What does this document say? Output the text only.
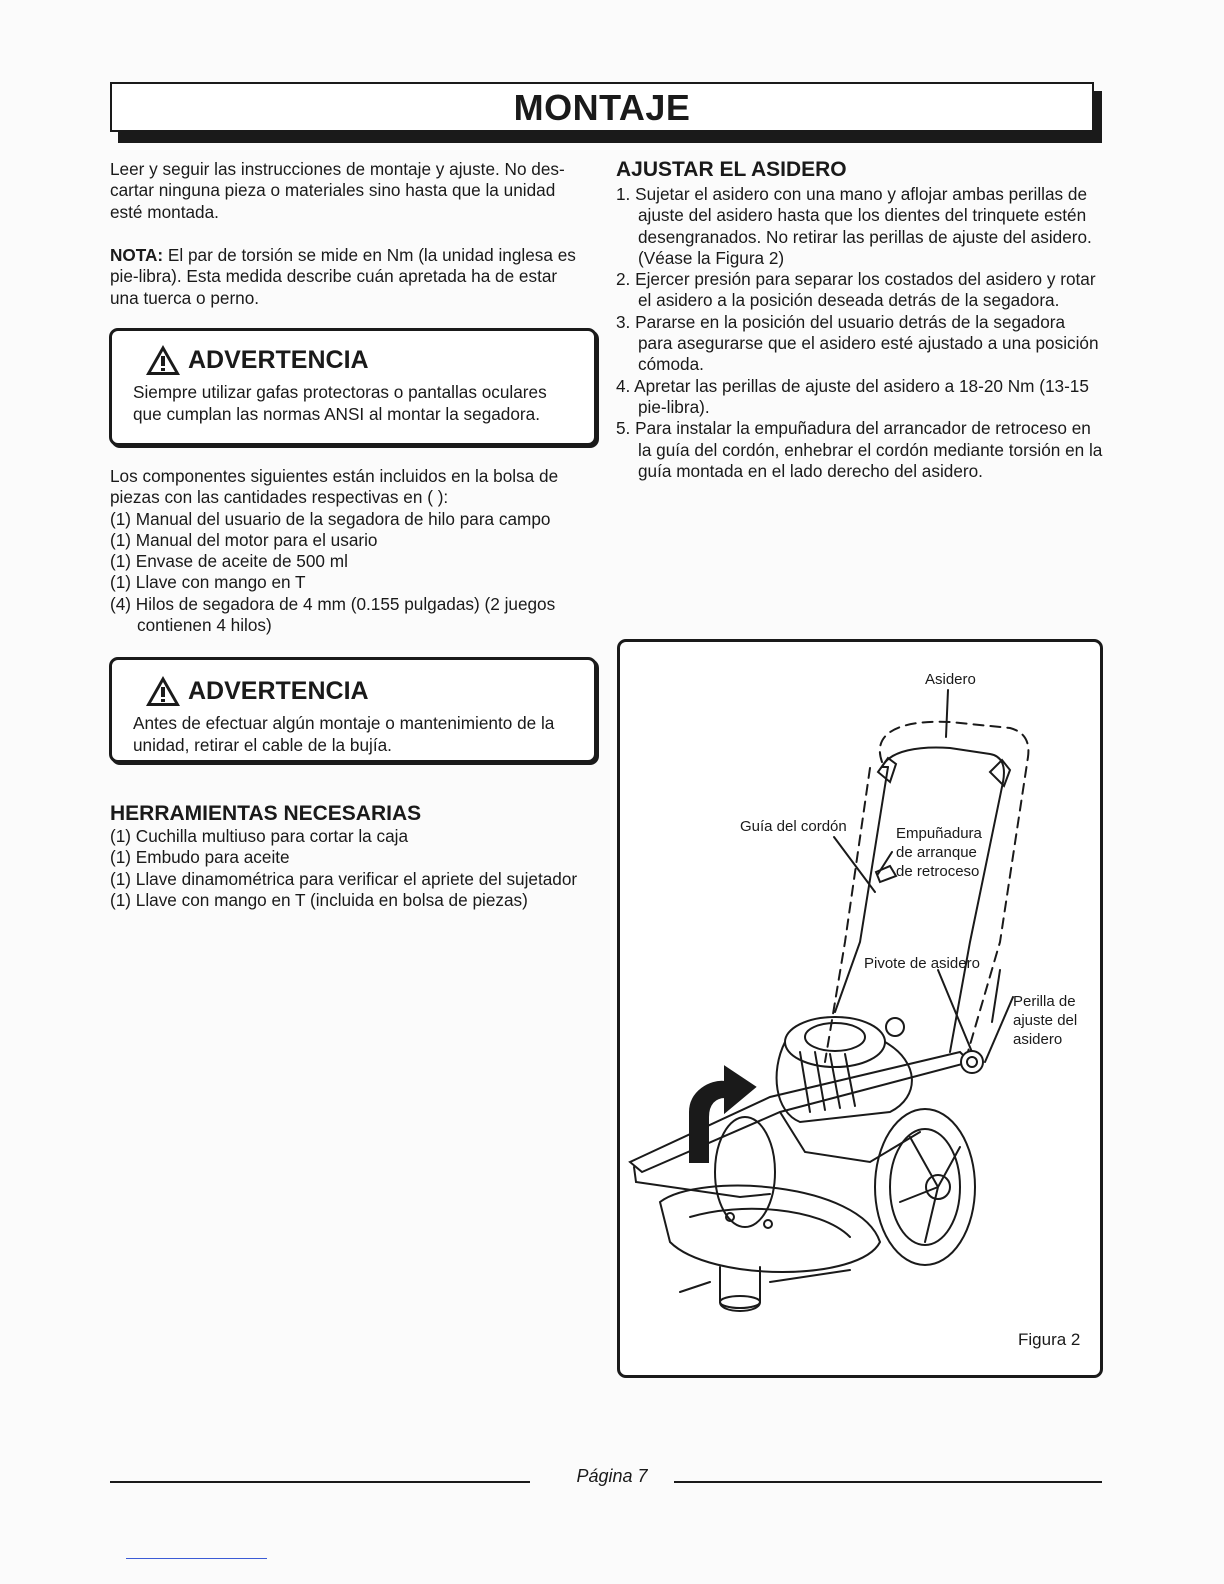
MONTAJE

Leer y seguir las instrucciones de montaje y ajuste. No des-cartar ninguna pieza o materiales sino hasta que la unidad esté montada.

NOTA: El par de torsión se mide en Nm (la unidad inglesa es pie-libra). Esta medida describe cuán apretada ha de estar una tuerca o perno.

ADVERTENCIA
Siempre utilizar gafas protectoras o pantallas oculares que cumplan las normas ANSI al montar la segadora.

Los componentes siguientes están incluidos en la bolsa de piezas con las cantidades respectivas en ( ):

(1) Manual del usuario de la segadora de hilo para campo
(1) Manual del motor para el usario
(1) Envase de aceite de 500 ml
(1) Llave con mango en T
(4) Hilos de segadora de 4 mm (0.155 pulgadas) (2 juegos contienen 4 hilos)
ADVERTENCIA
Antes de efectuar algún montaje o mantenimiento de la unidad, retirar el cable de la bujía.
HERRAMIENTAS NECESARIAS
(1) Cuchilla multiuso para cortar la caja
(1) Embudo para aceite
(1) Llave dinamométrica para verificar el apriete del sujetador
(1) Llave con mango en T (incluida en bolsa de piezas)
AJUSTAR EL ASIDERO
1. Sujetar el asidero con una mano y aflojar ambas perillas de ajuste del asidero hasta que los dientes del trinquete estén desengranados. No retirar las perillas de ajuste del asidero. (Véase la Figura 2)
2. Ejercer presión para separar los costados del asidero y rotar el asidero a la posición deseada detrás de la segadora.
3. Pararse en la posición del usuario detrás de la segadora para asegurarse que el asidero esté ajustado a una posición cómoda.
4. Apretar las perillas de ajuste del asidero a 18-20 Nm (13-15 pie-libra).
5. Para instalar la empuñadura del arrancador de retroceso en la guía del cordón, enhebrar el cordón mediante torsión en la guía montada en el lado derecho del asidero.
Asidero
Guía del cordón	Empuñadura
de arranque
de retroceso
Pivote de asidero
Perilla de
ajuste del
asidero
Figura 2
Página 7
